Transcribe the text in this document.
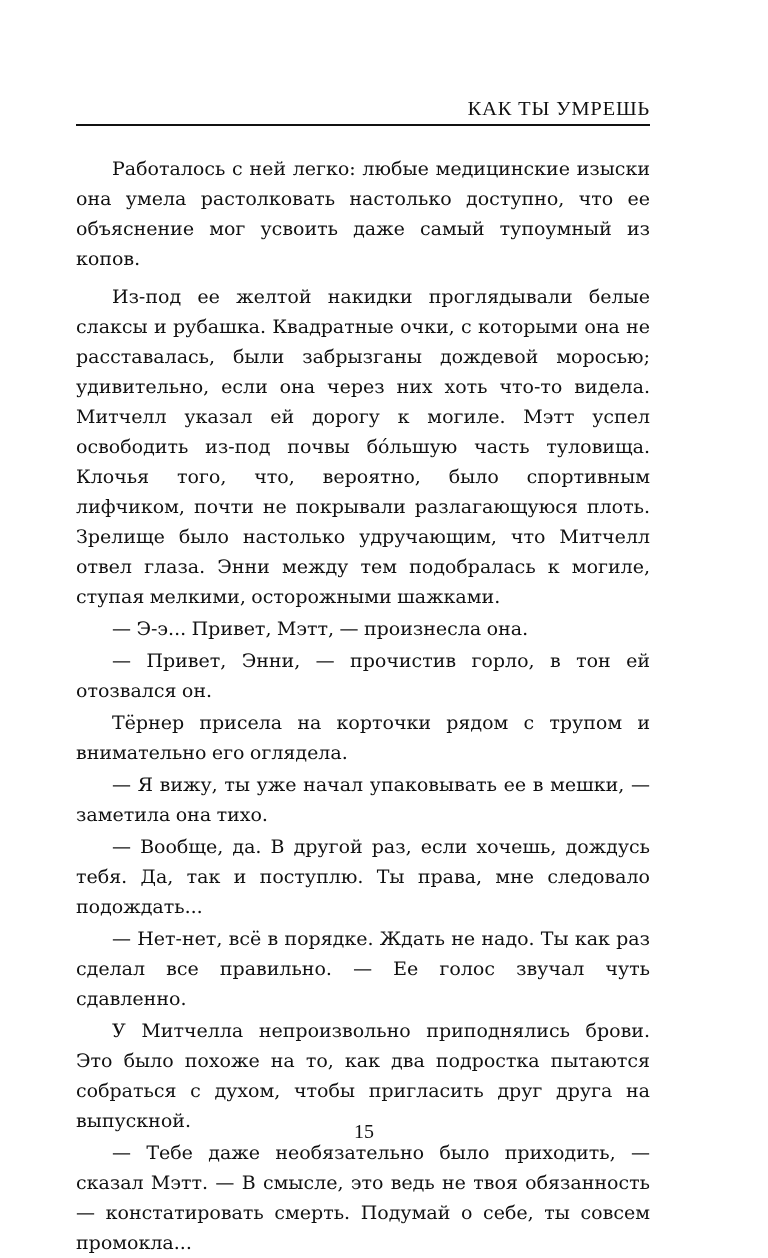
КАК ТЫ УМРЕШЬ

Работалось с ней легко: любые медицинские изыски она умела растолковать настолько доступно, что ее объяснение мог усвоить даже самый тупоумный из копов.

Из-под ее желтой накидки проглядывали белые слаксы и рубашка. Квадратные очки, с которыми она не расставалась, были забрызганы дождевой моросью; удивительно, если она через них хоть что-то видела. Митчелл указал ей дорогу к могиле. Мэтт успел освободить из-под почвы бóльшую часть туловища. Клочья того, что, вероятно, было спортивным лифчиком, почти не покрывали разлагающуюся плоть. Зрелище было настолько удручающим, что Митчелл отвел глаза. Энни между тем подобралась к могиле, ступая мелкими, осторожными шажками.

— Э-э... Привет, Мэтт, — произнесла она.

— Привет, Энни, — прочистив горло, в тон ей отозвался он.

Тёрнер присела на корточки рядом с трупом и внимательно его оглядела.

— Я вижу, ты уже начал упаковывать ее в мешки, — заметила она тихо.

— Вообще, да. В другой раз, если хочешь, дождусь тебя. Да, так и поступлю. Ты права, мне следовало подождать...

— Нет-нет, всё в порядке. Ждать не надо. Ты как раз сделал все правильно. — Ее голос звучал чуть сдавленно.

У Митчелла непроизвольно приподнялись брови. Это было похоже на то, как два подростка пытаются собраться с духом, чтобы пригласить друг друга на выпускной.

— Тебе даже необязательно было приходить, — сказал Мэтт. — В смысле, это ведь не твоя обязанность — констатировать смерть. Подумай о себе, ты совсем промокла...

15
